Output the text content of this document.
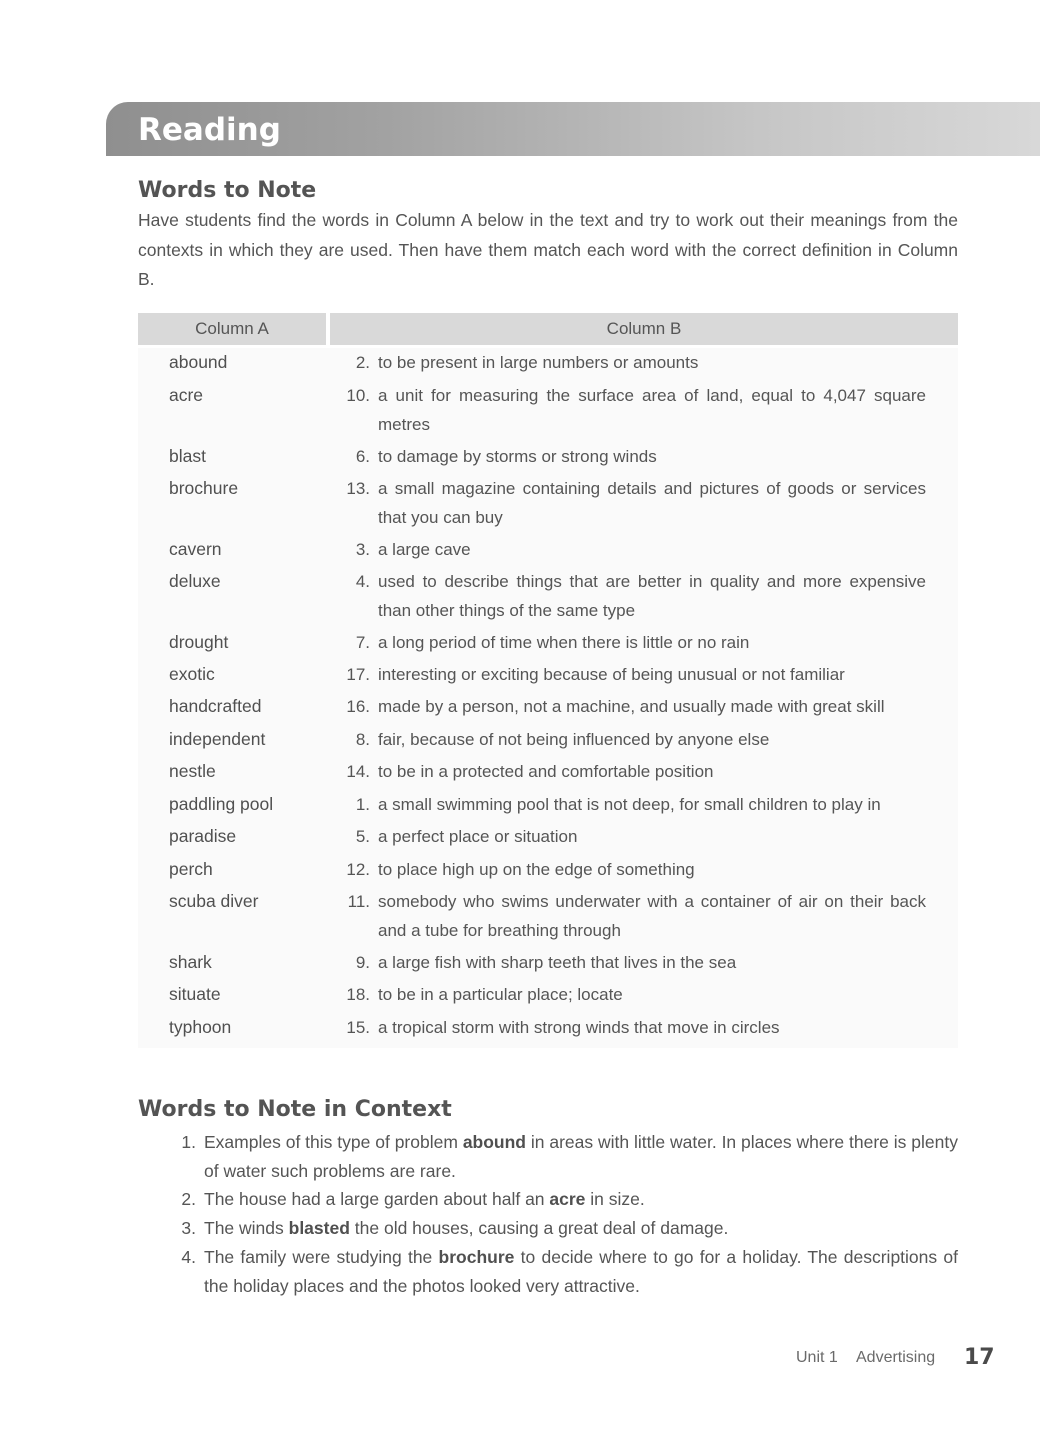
Reading
Words to Note

Have students find the words in Column A below in the text and try to work out their meanings from the contexts in which they are used. Then have them match each word with the correct definition in Column B.

Column A	Column B
abound	2. to be present in large numbers or amounts
acre	10. a unit for measuring the surface area of land, equal to 4,047 square metres
blast	6. to damage by storms or strong winds
brochure	13. a small magazine containing details and pictures of goods or services that you can buy
cavern	3. a large cave
deluxe	4. used to describe things that are better in quality and more expensive than other things of the same type
drought	7. a long period of time when there is little or no rain
exotic	17. interesting or exciting because of being unusual or not familiar
handcrafted	16. made by a person, not a machine, and usually made with great skill
independent	8. fair, because of not being influenced by anyone else
nestle	14. to be in a protected and comfortable position
paddling pool	1. a small swimming pool that is not deep, for small children to play in
paradise	5. a perfect place or situation
perch	12. to place high up on the edge of something
scuba diver	11. somebody who swims underwater with a container of air on their back and a tube for breathing through
shark	9. a large fish with sharp teeth that lives in the sea
situate	18. to be in a particular place; locate
typhoon	15. a tropical storm with strong winds that move in circles
Words to Note in Context
1. Examples of this type of problem abound in areas with little water. In places where there is plenty of water such problems are rare.
2. The house had a large garden about half an acre in size.
3. The winds blasted the old houses, causing a great deal of damage.
4. The family were studying the brochure to decide where to go for a holiday. The descriptions of the holiday places and the photos looked very attractive.
Unit 1 Advertising 17
